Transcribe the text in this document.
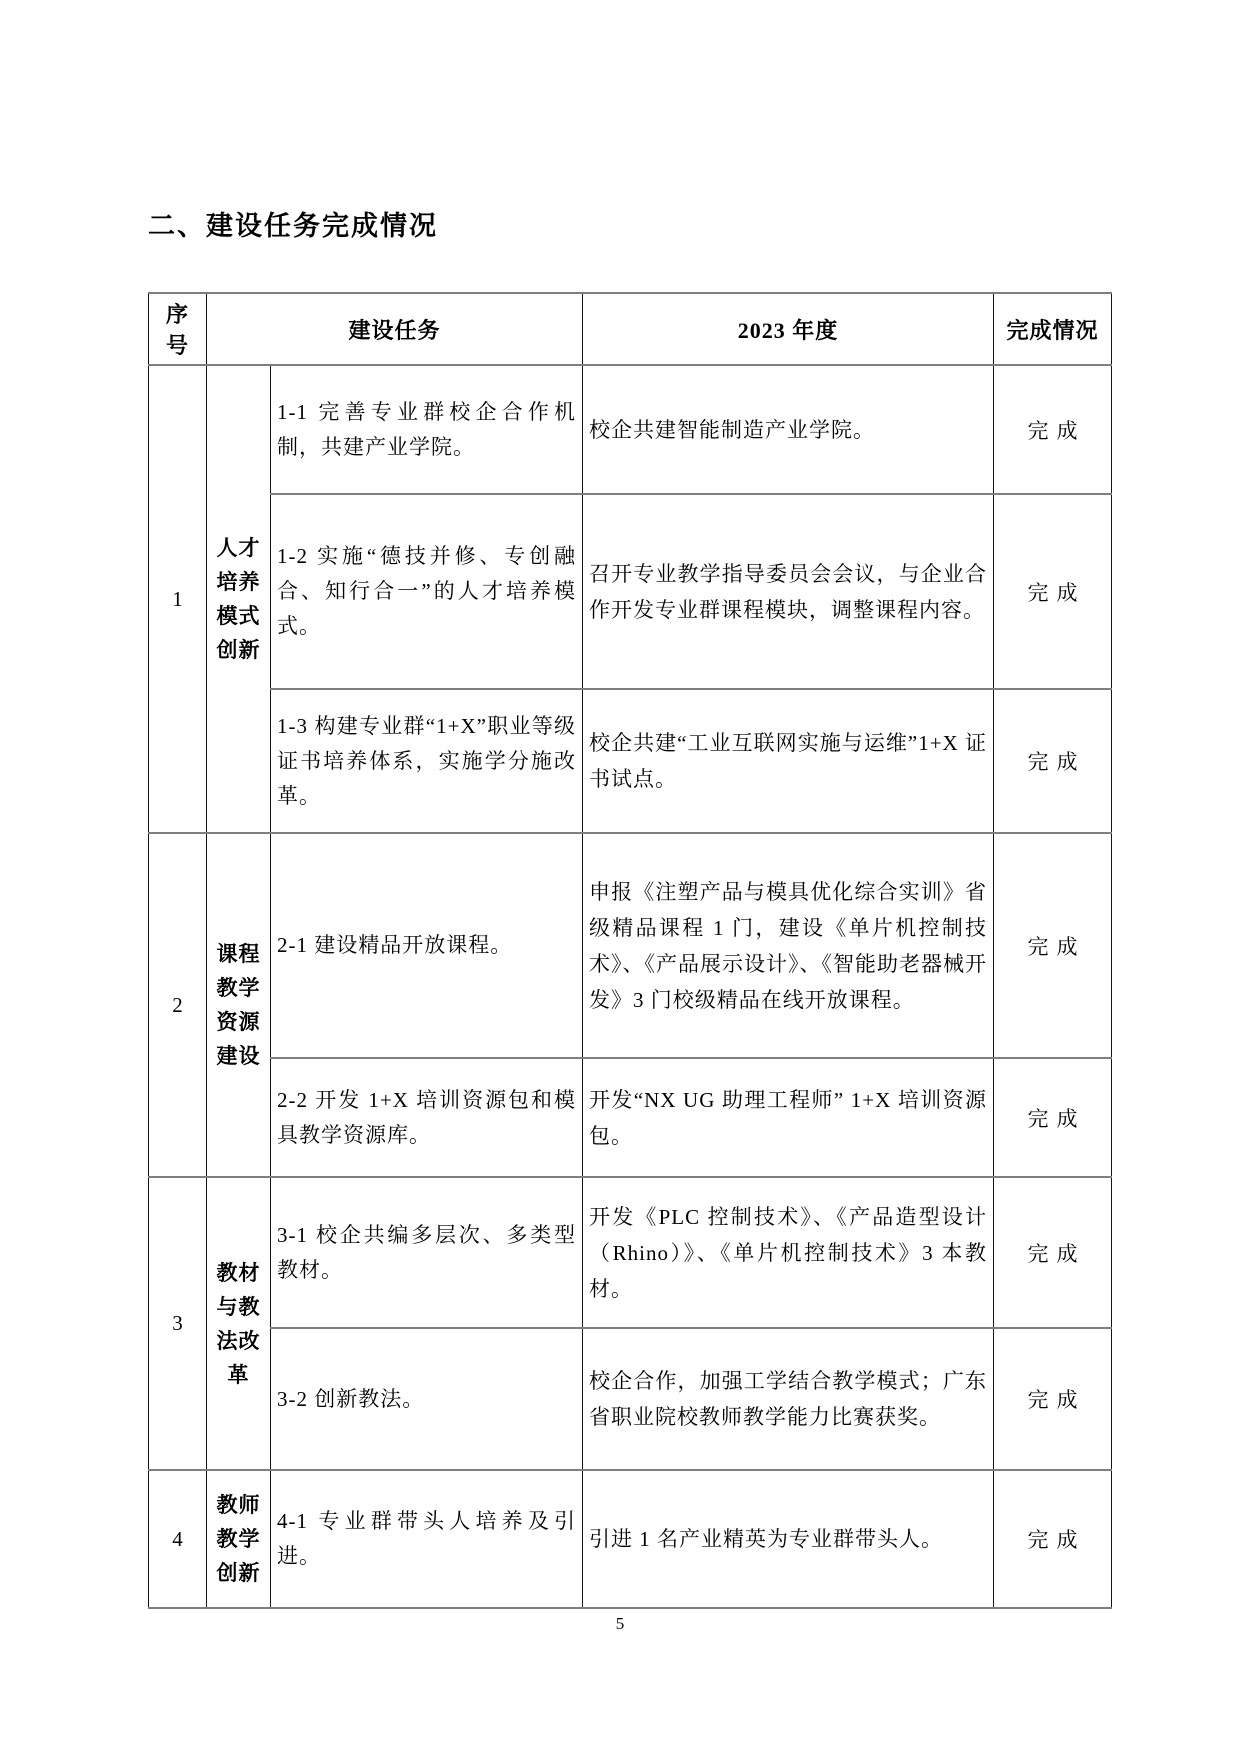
二、建设任务完成情况
序号	建设任务		2023 年度	完成情况
1	人才培养模式创新	1-1 完善专业群校企合作机制，共建产业学院。	校企共建智能制造产业学院。	完成
		1-2 实施“德技并修、专创融合、知行合一”的人才培养模式。	召开专业教学指导委员会会议，与企业合作开发专业群课程模块，调整课程内容。	完成
		1-3 构建专业群“1+X”职业等级证书培养体系，实施学分施改革。	校企共建“工业互联网实施与运维”1+X 证书试点。	完成
2	课程教学资源建设	2-1 建设精品开放课程。	申报《注塑产品与模具优化综合实训》省级精品课程 1 门，建设《单片机控制技术》、《产品展示设计》、《智能助老器械开发》3 门校级精品在线开放课程。	完成
		2-2 开发 1+X 培训资源包和模具教学资源库。	开发“NX UG 助理工程师” 1+X 培训资源包。	完成
3	教材与教法改革	3-1 校企共编多层次、多类型教材。	开发《PLC 控制技术》、《产品造型设计（Rhino）》、《单片机控制技术》3 本教材。	完成
		3-2 创新教法。	校企合作，加强工学结合教学模式；广东省职业院校教师教学能力比赛获奖。	完成
4	教师教学创新	4-1 专业群带头人培养及引进。	引进 1 名产业精英为专业群带头人。	完成
5
